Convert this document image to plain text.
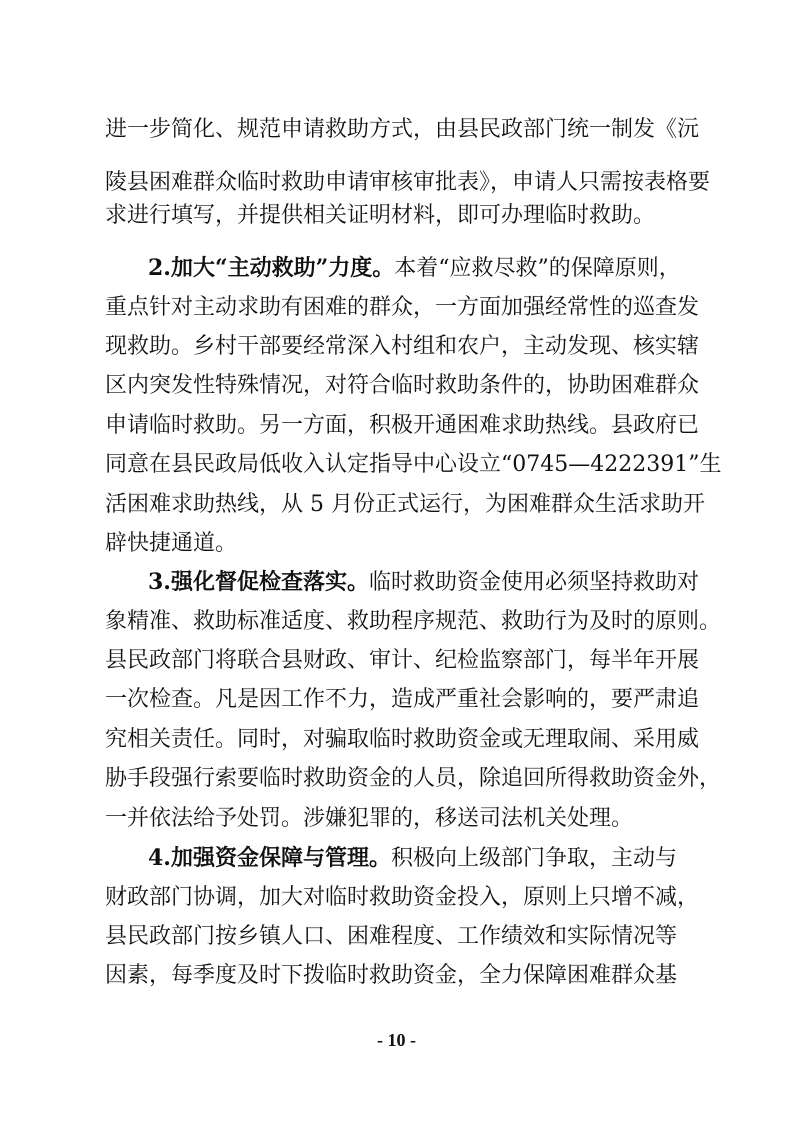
进一步简化、规范申请救助方式，由县民政部门统一制发《沅
陵县困难群众临时救助申请审核审批表》，申请人只需按表格要
求进行填写，并提供相关证明材料，即可办理临时救助。
2.加大“主动救助”力度。本着“应救尽救”的保障原则，
重点针对主动求助有困难的群众，一方面加强经常性的巡查发
现救助。乡村干部要经常深入村组和农户，主动发现、核实辖
区内突发性特殊情况，对符合临时救助条件的，协助困难群众
申请临时救助。另一方面，积极开通困难求助热线。县政府已
同意在县民政局低收入认定指导中心设立“0745—4222391”生
活困难求助热线，从 5 月份正式运行，为困难群众生活求助开
辟快捷通道。
3.强化督促检查落实。临时救助资金使用必须坚持救助对
象精准、救助标准适度、救助程序规范、救助行为及时的原则。
县民政部门将联合县财政、审计、纪检监察部门，每半年开展
一次检查。凡是因工作不力，造成严重社会影响的，要严肃追
究相关责任。同时，对骗取临时救助资金或无理取闹、采用威
胁手段强行索要临时救助资金的人员，除追回所得救助资金外，
一并依法给予处罚。涉嫌犯罪的，移送司法机关处理。
4.加强资金保障与管理。积极向上级部门争取，主动与
财政部门协调，加大对临时救助资金投入，原则上只增不减，
县民政部门按乡镇人口、困难程度、工作绩效和实际情况等
因素，每季度及时下拨临时救助资金，全力保障困难群众基
- 10 -
